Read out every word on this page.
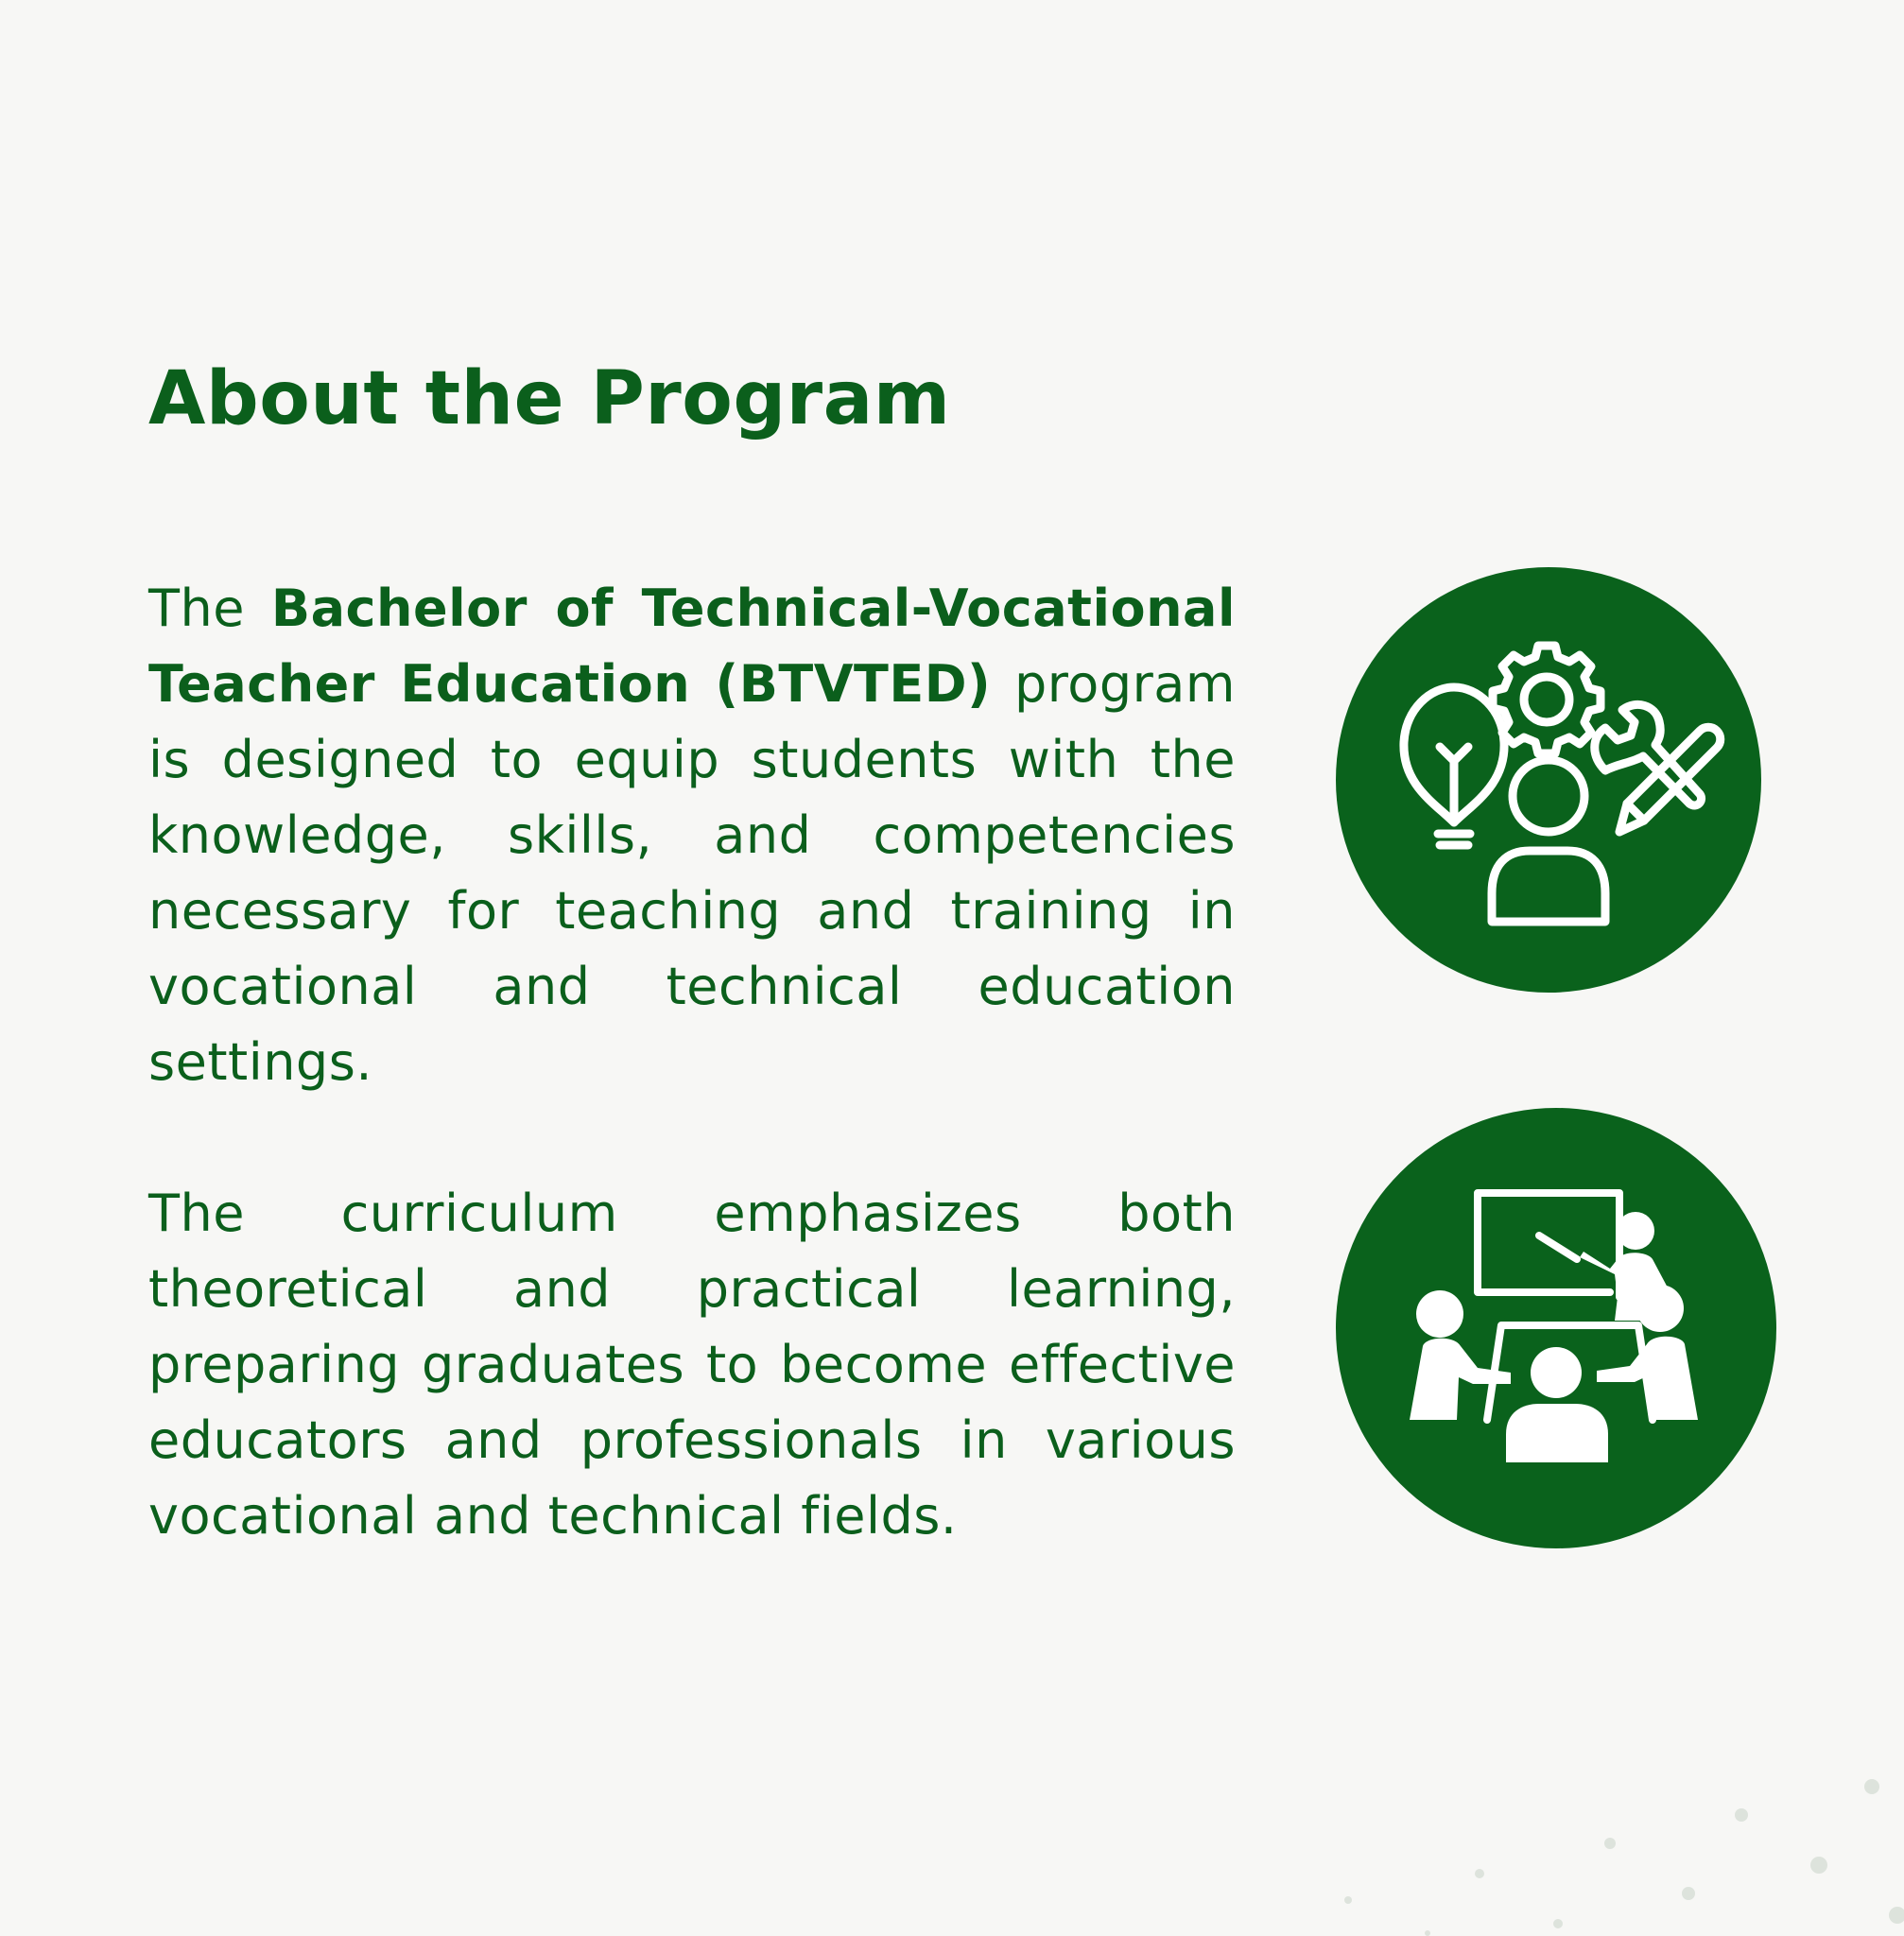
About the Program

The Bachelor of Technical-Vocational Teacher Education (BTVTED) program is designed to equip students with the knowledge, skills, and competencies necessary for teaching and training in vocational and technical education settings.

The curriculum emphasizes both theoretical and practical learning, preparing graduates to become effective educators and professionals in various vocational and technical fields.
